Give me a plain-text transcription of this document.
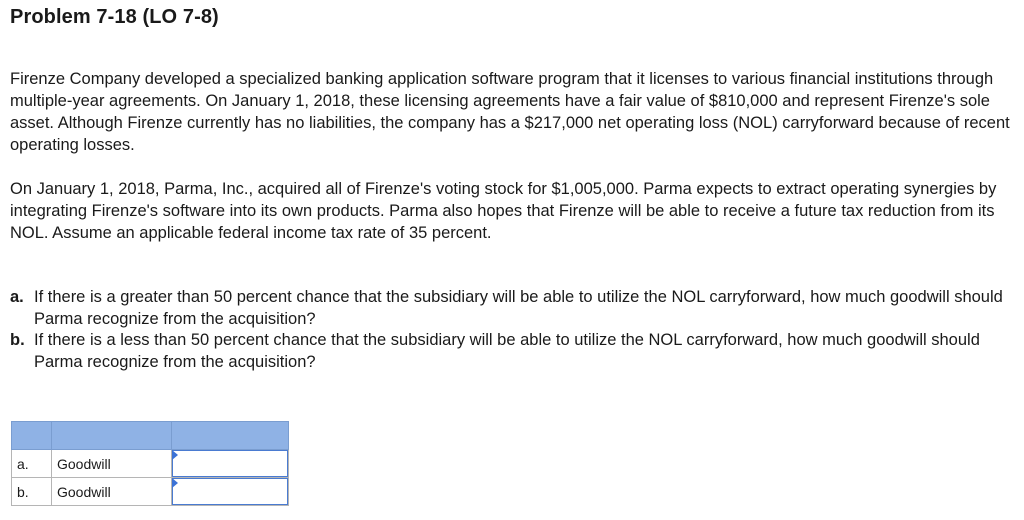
Problem 7-18 (LO 7-8)

Firenze Company developed a specialized banking application software program that it licenses to various financial institutions through multiple-year agreements. On January 1, 2018, these licensing agreements have a fair value of $810,000 and represent Firenze's sole asset. Although Firenze currently has no liabilities, the company has a $217,000 net operating loss (NOL) carryforward because of recent operating losses.

On January 1, 2018, Parma, Inc., acquired all of Firenze's voting stock for $1,005,000. Parma expects to extract operating synergies by integrating Firenze's software into its own products. Parma also hopes that Firenze will be able to receive a future tax reduction from its NOL. Assume an applicable federal income tax rate of 35 percent.

a. If there is a greater than 50 percent chance that the subsidiary will be able to utilize the NOL carryforward, how much goodwill should Parma recognize from the acquisition?
b. If there is a less than 50 percent chance that the subsidiary will be able to utilize the NOL carryforward, how much goodwill should Parma recognize from the acquisition?

a.	Goodwill	

b.	Goodwill	
